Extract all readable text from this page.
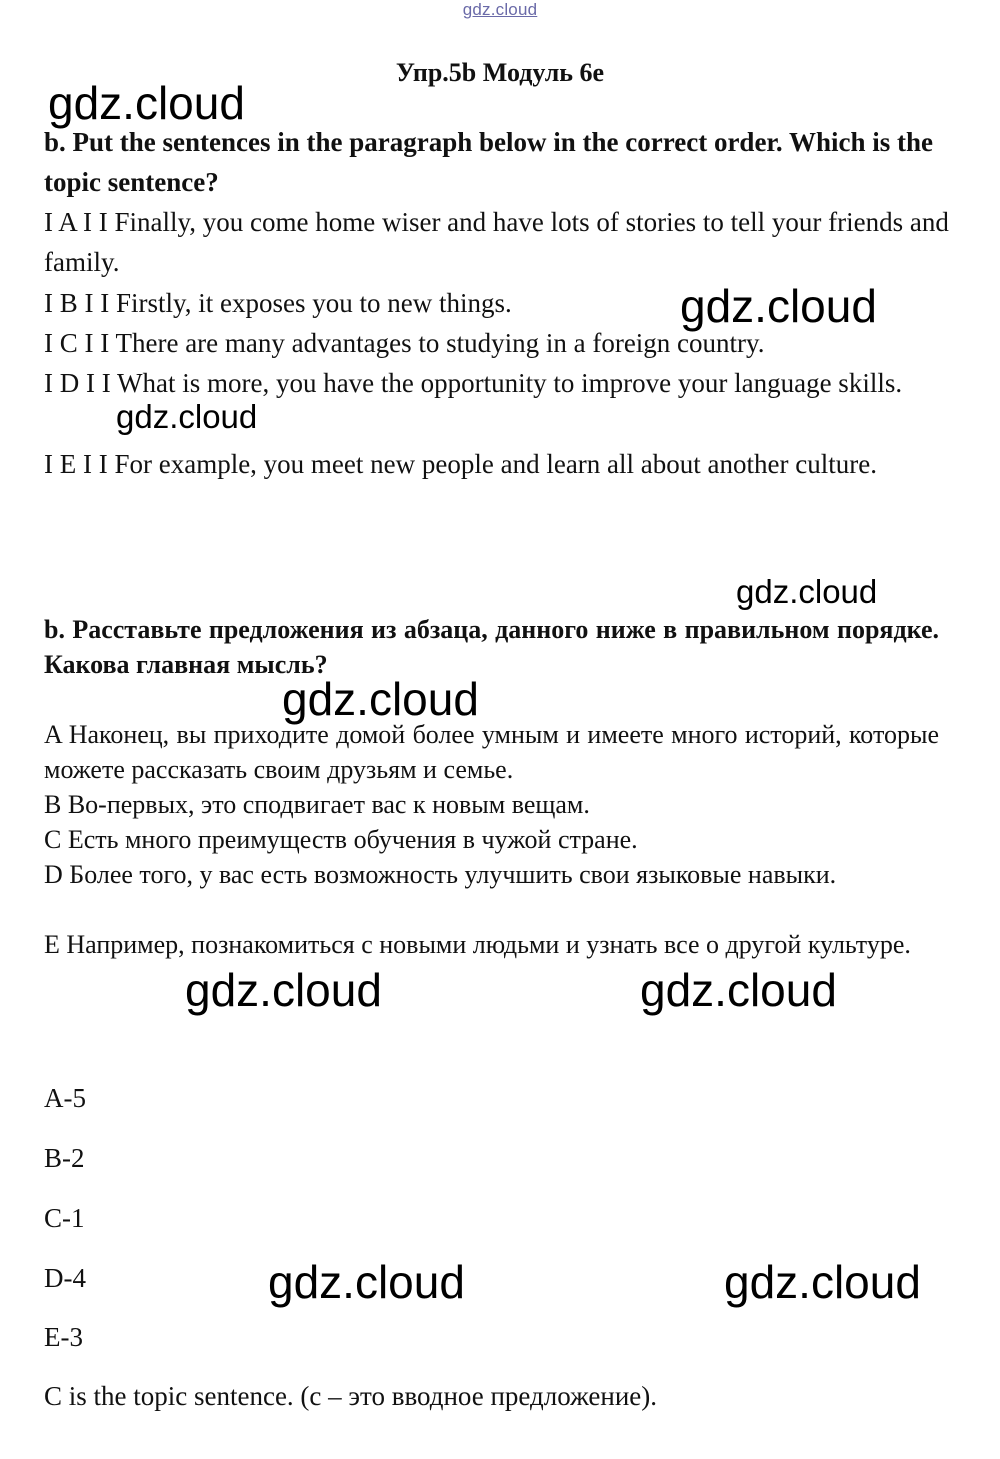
gdz.cloud
Упр.5b Модуль 6e
b. Put the sentences in the paragraph below in the correct order. Which is the topic sentence?
I A I I Finally, you come home wiser and have lots of stories to tell your friends and family.
I B I I Firstly, it exposes you to new things.
I C I I There are many advantages to studying in a foreign country.
I D I I What is more, you have the opportunity to improve your language skills.
I E I I For example, you meet new people and learn all about another culture.
b. Расставьте предложения из абзаца, данного ниже в правильном порядке. Какова главная мысль?
A Наконец, вы приходите домой более умным и имеете много историй, которые можете рассказать своим друзьям и семье.
B Во-первых, это сподвигает вас к новым вещам.
C Есть много преимуществ обучения в чужой стране.
D Более того, у вас есть возможность улучшить свои языковые навыки.
E Например, познакомиться с новыми людьми и узнать все о другой культуре.
A-5
B-2
C-1
D-4
E-3
C is the topic sentence. (c – это вводное предложение).
gdz.cloud
gdz.cloud
gdz.cloud
gdz.cloud
gdz.cloud
gdz.cloud	gdz.cloud
gdz.cloud	gdz.cloud
